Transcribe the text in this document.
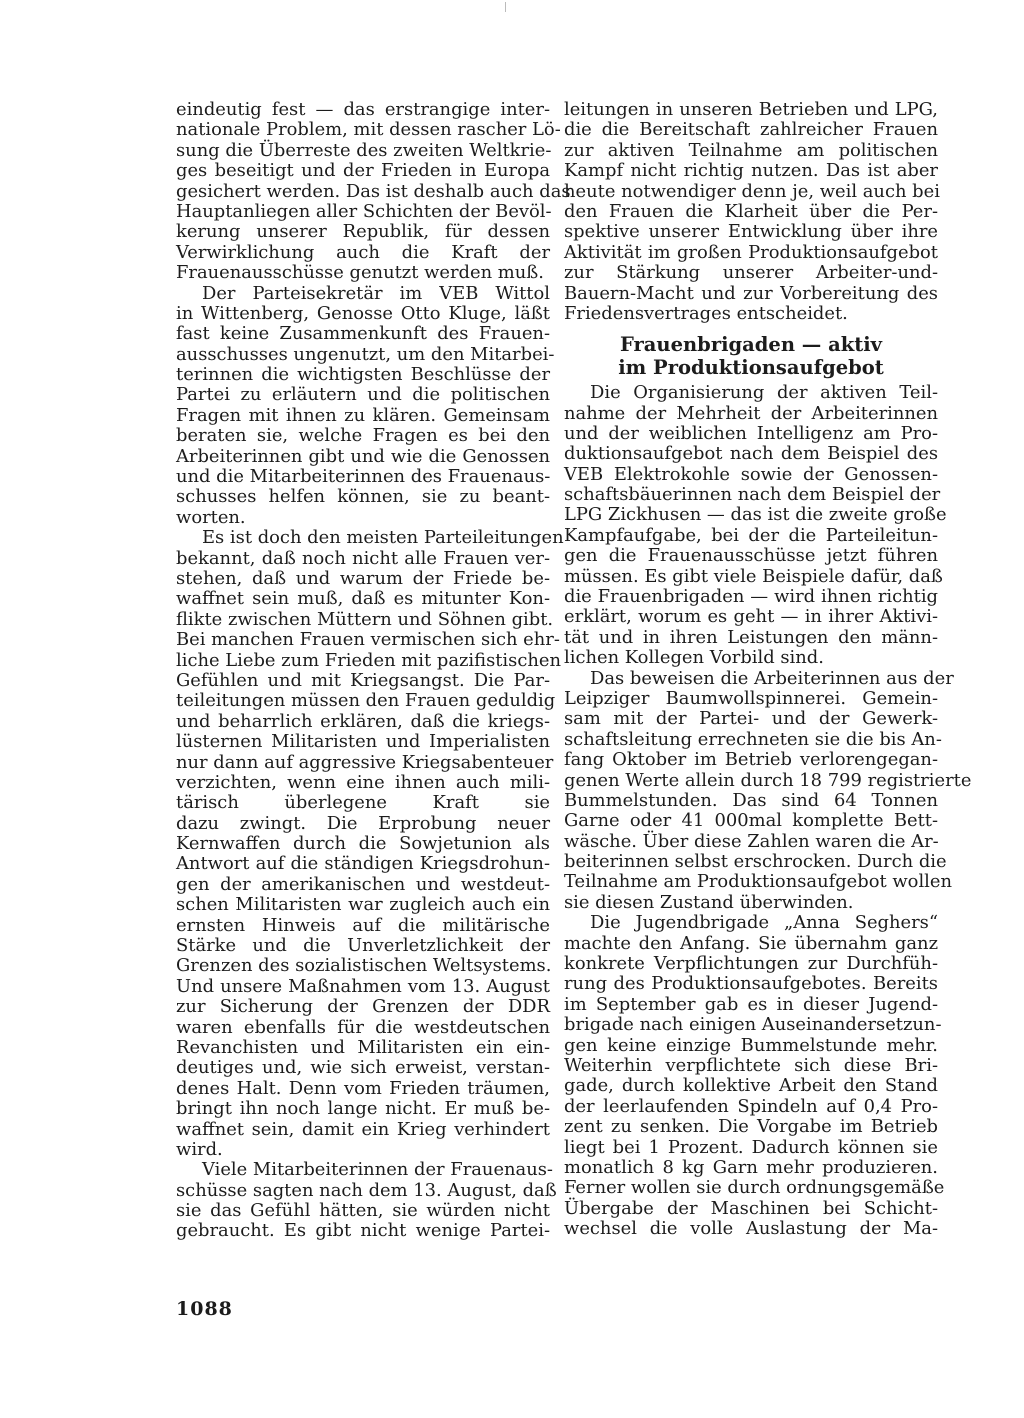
eindeutig fest — das erstrangige inter-
nationale Problem, mit dessen rascher Lö-
sung die Überreste des zweiten Weltkrie-
ges beseitigt und der Frieden in Europa
gesichert werden. Das ist deshalb auch das
Hauptanliegen aller Schichten der Bevöl-
kerung unserer Republik, für dessen
Verwirklichung auch die Kraft der
Frauenausschüsse genutzt werden muß.
Der Parteisekretär im VEB Wittol
in Wittenberg, Genosse Otto Kluge, läßt
fast keine Zusammenkunft des Frauen-
ausschusses ungenutzt, um den Mitarbei-
terinnen die wichtigsten Beschlüsse der
Partei zu erläutern und die politischen
Fragen mit ihnen zu klären. Gemeinsam
beraten sie, welche Fragen es bei den
Arbeiterinnen gibt und wie die Genossen
und die Mitarbeiterinnen des Frauenaus-
schusses helfen können, sie zu beant-
worten.
Es ist doch den meisten Parteileitungen
bekannt, daß noch nicht alle Frauen ver-
stehen, daß und warum der Friede be-
waffnet sein muß, daß es mitunter Kon-
flikte zwischen Müttern und Söhnen gibt.
Bei manchen Frauen vermischen sich ehr-
liche Liebe zum Frieden mit pazifistischen
Gefühlen und mit Kriegsangst. Die Par-
teileitungen müssen den Frauen geduldig
und beharrlich erklären, daß die kriegs-
lüsternen Militaristen und Imperialisten
nur dann auf aggressive Kriegsabenteuer
verzichten, wenn eine ihnen auch mili-
tärisch überlegene Kraft sie
dazu zwingt. Die Erprobung neuer
Kernwaffen durch die Sowjetunion als
Antwort auf die ständigen Kriegsdrohun-
gen der amerikanischen und westdeut-
schen Militaristen war zugleich auch ein
ernsten Hinweis auf die militärische
Stärke und die Unverletzlichkeit der
Grenzen des sozialistischen Weltsystems.
Und unsere Maßnahmen vom 13. August
zur Sicherung der Grenzen der DDR
waren ebenfalls für die westdeutschen
Revanchisten und Militaristen ein ein-
deutiges und, wie sich erweist, verstan-
denes Halt. Denn vom Frieden träumen,
bringt ihn noch lange nicht. Er muß be-
waffnet sein, damit ein Krieg verhindert
wird.
Viele Mitarbeiterinnen der Frauenaus-
schüsse sagten nach dem 13. August, daß
sie das Gefühl hätten, sie würden nicht
gebraucht. Es gibt nicht wenige Partei-
leitungen in unseren Betrieben und LPG,
die die Bereitschaft zahlreicher Frauen
zur aktiven Teilnahme am politischen
Kampf nicht richtig nutzen. Das ist aber
heute notwendiger denn je, weil auch bei
den Frauen die Klarheit über die Per-
spektive unserer Entwicklung über ihre
Aktivität im großen Produktionsaufgebot
zur Stärkung unserer Arbeiter-und-
Bauern-Macht und zur Vorbereitung des
Friedensvertrages entscheidet.
Frauenbrigaden — aktiv
im Produktionsaufgebot
Die Organisierung der aktiven Teil-
nahme der Mehrheit der Arbeiterinnen
und der weiblichen Intelligenz am Pro-
duktionsaufgebot nach dem Beispiel des
VEB Elektrokohle sowie der Genossen-
schaftsbäuerinnen nach dem Beispiel der
LPG Zickhusen — das ist die zweite große
Kampfaufgabe, bei der die Parteileitun-
gen die Frauenausschüsse jetzt führen
müssen. Es gibt viele Beispiele dafür, daß
die Frauenbrigaden — wird ihnen richtig
erklärt, worum es geht — in ihrer Aktivi-
tät und in ihren Leistungen den männ-
lichen Kollegen Vorbild sind.
Das beweisen die Arbeiterinnen aus der
Leipziger Baumwollspinnerei. Gemein-
sam mit der Partei- und der Gewerk-
schaftsleitung errechneten sie die bis An-
fang Oktober im Betrieb verlorengegan-
genen Werte allein durch 18 799 registrierte
Bummelstunden. Das sind 64 Tonnen
Garne oder 41 000mal komplette Bett-
wäsche. Über diese Zahlen waren die Ar-
beiterinnen selbst erschrocken. Durch die
Teilnahme am Produktionsaufgebot wollen
sie diesen Zustand überwinden.
Die Jugendbrigade „Anna Seghers“
machte den Anfang. Sie übernahm ganz
konkrete Verpflichtungen zur Durchfüh-
rung des Produktionsaufgebotes. Bereits
im September gab es in dieser Jugend-
brigade nach einigen Auseinandersetzun-
gen keine einzige Bummelstunde mehr.
Weiterhin verpflichtete sich diese Bri-
gade, durch kollektive Arbeit den Stand
der leerlaufenden Spindeln auf 0,4 Pro-
zent zu senken. Die Vorgabe im Betrieb
liegt bei 1 Prozent. Dadurch können sie
monatlich 8 kg Garn mehr produzieren.
Ferner wollen sie durch ordnungsgemäße
Übergabe der Maschinen bei Schicht-
wechsel die volle Auslastung der Ma-
1088
